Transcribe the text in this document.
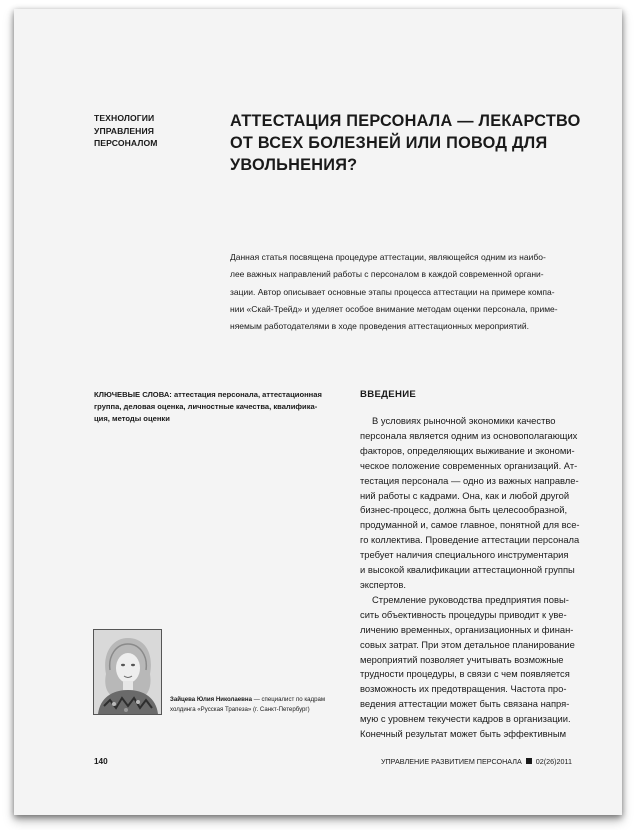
ТЕХНОЛОГИИ
УПРАВЛЕНИЯ
ПЕРСОНАЛОМ
АТТЕСТАЦИЯ ПЕРСОНАЛА — ЛЕКАРСТВО
ОТ ВСЕХ БОЛЕЗНЕЙ ИЛИ ПОВОД ДЛЯ
УВОЛЬНЕНИЯ?
Данная статья посвящена процедуре аттестации, являющейся одним из наибо-
лее важных направлений работы с персоналом в каждой современной органи-
зации. Автор описывает основные этапы процесса аттестации на примере компа-
нии «Скай-Трейд» и уделяет особое внимание методам оценки персонала, приме-
няемым работодателями в ходе проведения аттестационных мероприятий.
КЛЮЧЕВЫЕ СЛОВА: аттестация персонала, аттестационная
группа, деловая оценка, личностные качества, квалифика-
ция, методы оценки
ВВЕДЕНИЕ
В условиях рыночной экономики качество
персонала является одним из основополагающих
факторов, определяющих выживание и экономи-
ческое положение современных организаций. Ат-
тестация персонала — одно из важных направле-
ний работы с кадрами. Она, как и любой другой
бизнес-процесс, должна быть целесообразной,
продуманной и, самое главное, понятной для все-
го коллектива. Проведение аттестации персонала
требует наличия специального инструментария
и высокой квалификации аттестационной группы
экспертов.
Стремление руководства предприятия повы-
сить объективность процедуры приводит к уве-
личению временных, организационных и финан-
совых затрат. При этом детальное планирование
мероприятий позволяет учитывать возможные
трудности процедуры, в связи с чем появляется
возможность их предотвращения. Частота про-
ведения аттестации может быть связана напря-
мую с уровнем текучести кадров в организации.
Конечный результат может быть эффективным
Зайцева Юлия Николаевна — специалист по кадрам
холдинга «Русская Трапеза» (г. Санкт-Петербург)
140	УПРАВЛЕНИЕ РАЗВИТИЕМ ПЕРСОНАЛА 02(26)2011
